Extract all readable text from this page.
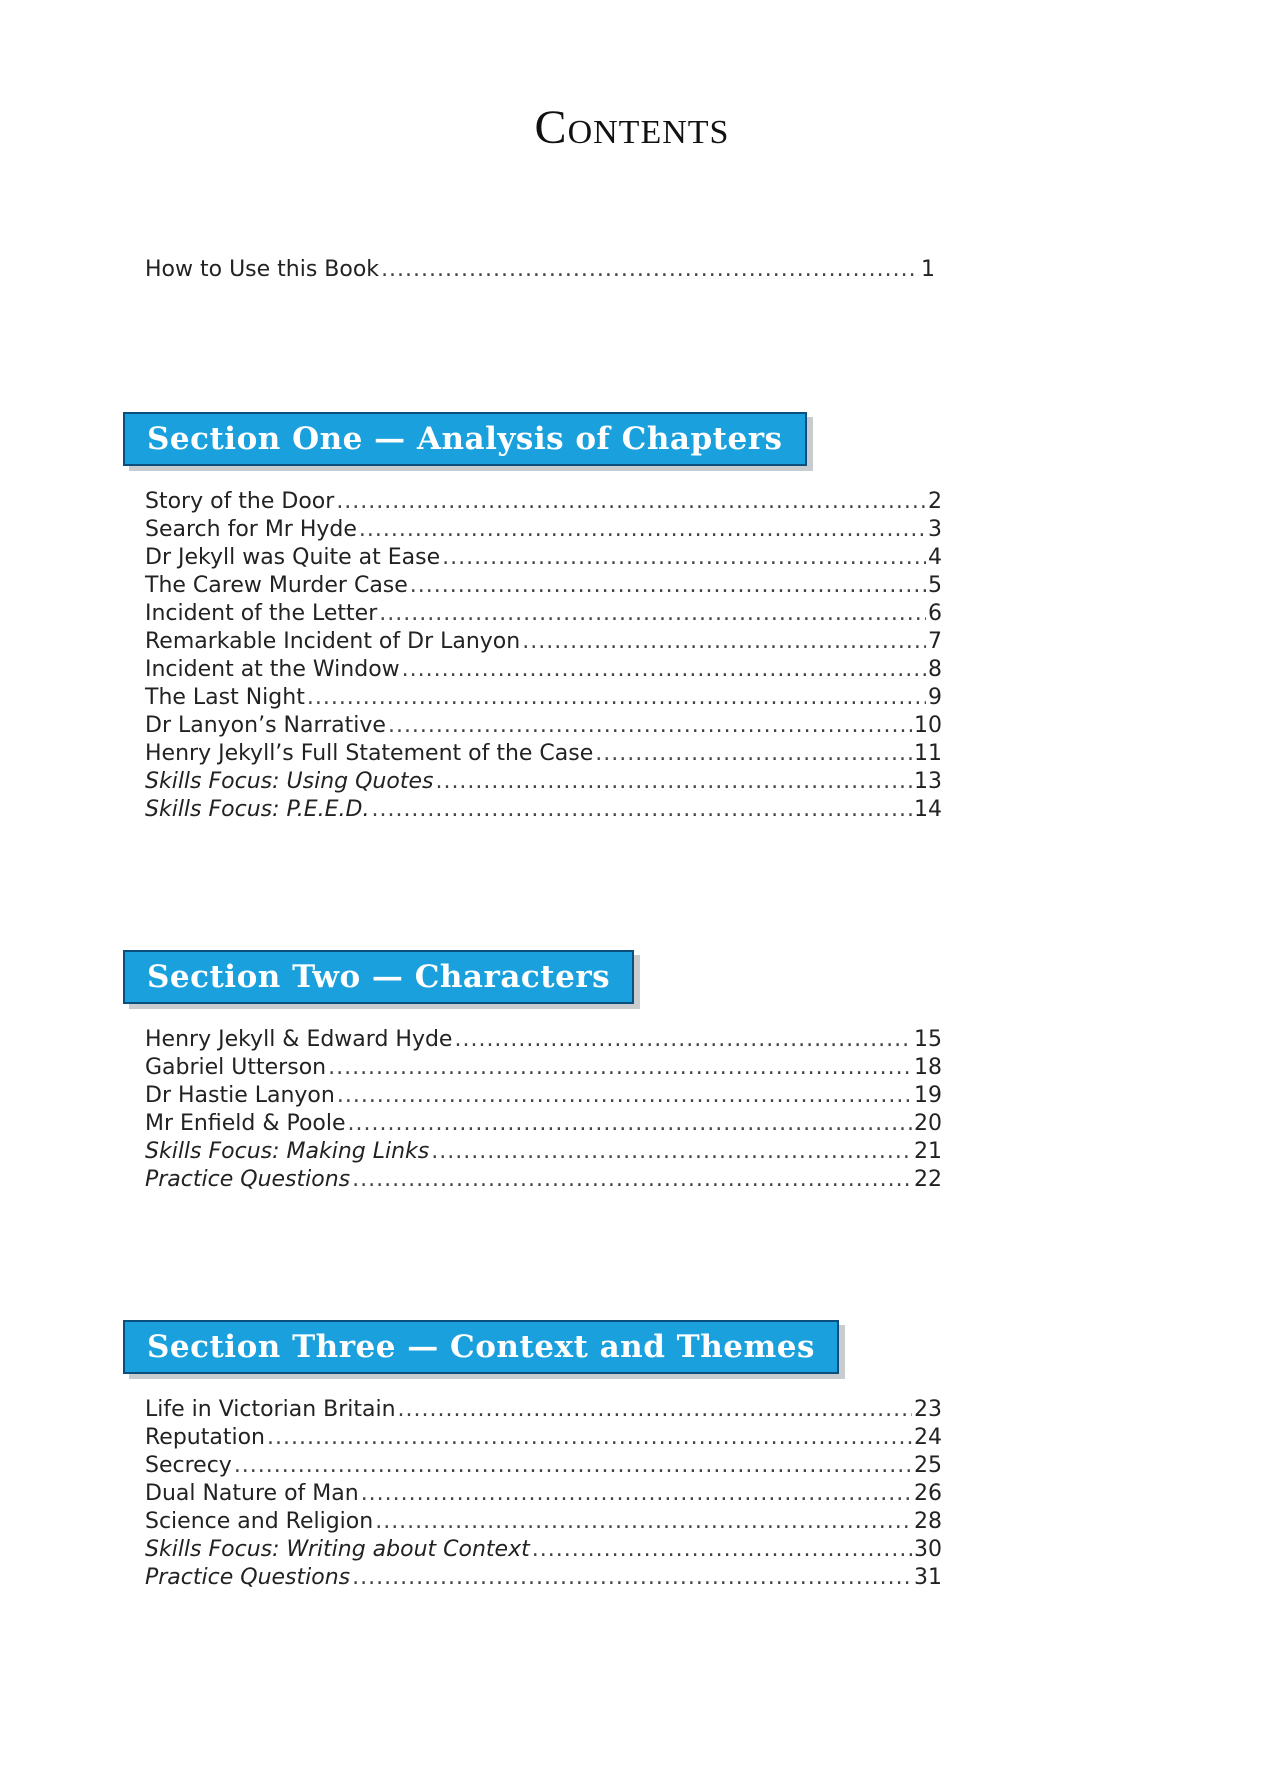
Contents
How to Use this Book .....	1
Section One — Analysis of Chapters
Story of the Door .....	2
Search for Mr Hyde .....	3
Dr Jekyll was Quite at Ease .....	4
The Carew Murder Case .....	5
Incident of the Letter .....	6
Remarkable Incident of Dr Lanyon .....	7
Incident at the Window .....	8
The Last Night .....	9
Dr Lanyon’s Narrative .....	10
Henry Jekyll’s Full Statement of the Case .....	11
Skills Focus: Using Quotes .....	13
Skills Focus: P.E.E.D. .....	14
Section Two — Characters
Henry Jekyll & Edward Hyde .....	15
Gabriel Utterson .....	18
Dr Hastie Lanyon .....	19
Mr Enfield & Poole .....	20
Skills Focus: Making Links .....	21
Practice Questions .....	22
Section Three — Context and Themes
Life in Victorian Britain .....	23
Reputation .....	24
Secrecy .....	25
Dual Nature of Man .....	26
Science and Religion .....	28
Skills Focus: Writing about Context .....	30
Practice Questions .....	31
